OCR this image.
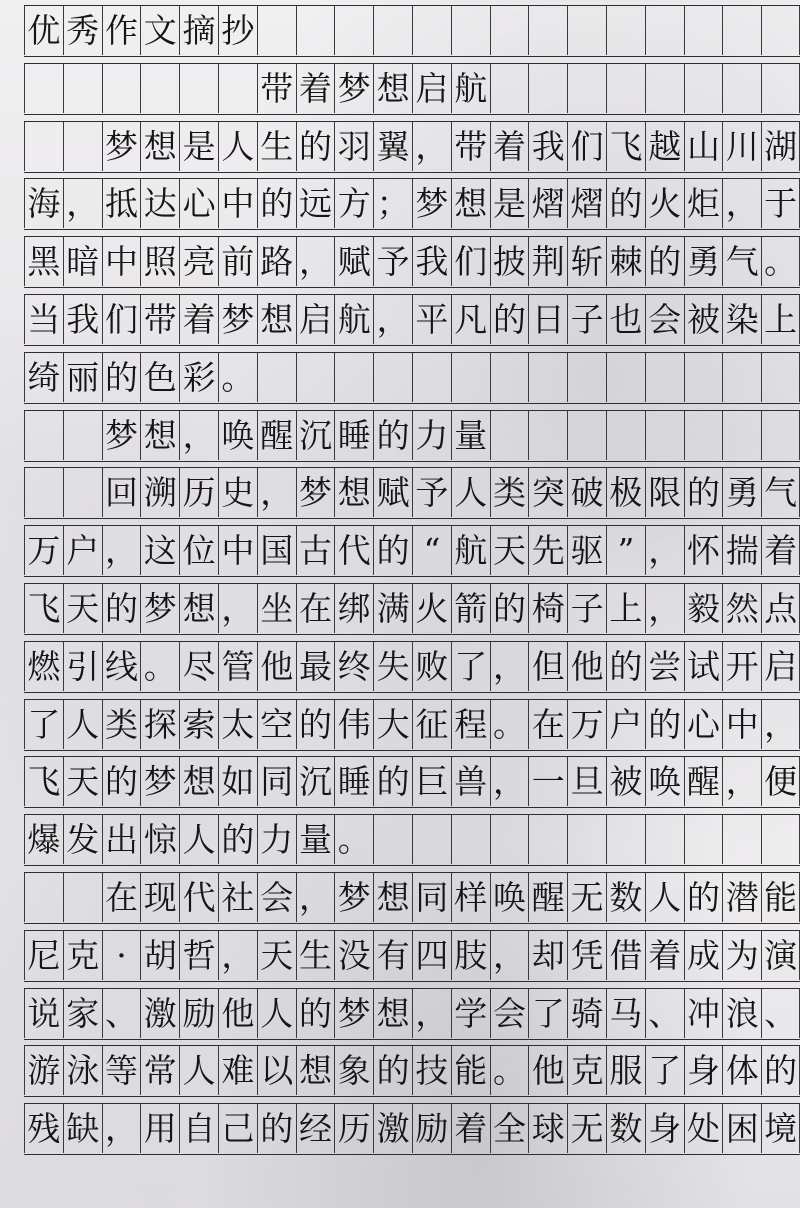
优 秀 作 文 摘 抄
带 着 梦 想 启 航
梦 想 是 人 生 的 羽 翼 ， 带 着 我 们 飞 越 山 川 湖
海 ， 抵 达 心 中 的 远 方 ； 梦 想 是 熠 熠 的 火 炬 ， 于
黑 暗 中 照 亮 前 路 ， 赋 予 我 们 披 荆 斩 棘 的 勇 气 。
当 我 们 带 着 梦 想 启 航 ， 平 凡 的 日 子 也 会 被 染 上
绮 丽 的 色 彩 。
梦 想 ， 唤 醒 沉 睡 的 力 量
回 溯 历 史 ， 梦 想 赋 予 人 类 突 破 极 限 的 勇 气
万 户 ， 这 位 中 国 古 代 的 “ 航 天 先 驱 ” ， 怀 揣 着
飞 天 的 梦 想 ， 坐 在 绑 满 火 箭 的 椅 子 上 ， 毅 然 点
燃 引 线 。 尽 管 他 最 终 失 败 了 ， 但 他 的 尝 试 开 启
了 人 类 探 索 太 空 的 伟 大 征 程 。 在 万 户 的 心 中 ，
飞 天 的 梦 想 如 同 沉 睡 的 巨 兽 ， 一 旦 被 唤 醒 ， 便
爆 发 出 惊 人 的 力 量 。
在 现 代 社 会 ， 梦 想 同 样 唤 醒 无 数 人 的 潜 能
尼 克 · 胡 哲 ， 天 生 没 有 四 肢 ， 却 凭 借 着 成 为 演
说 家 、 激 励 他 人 的 梦 想 ， 学 会 了 骑 马 、 冲 浪 、
游 泳 等 常 人 难 以 想 象 的 技 能 。 他 克 服 了 身 体 的
残 缺 ， 用 自 己 的 经 历 激 励 着 全 球 无 数 身 处 困 境
